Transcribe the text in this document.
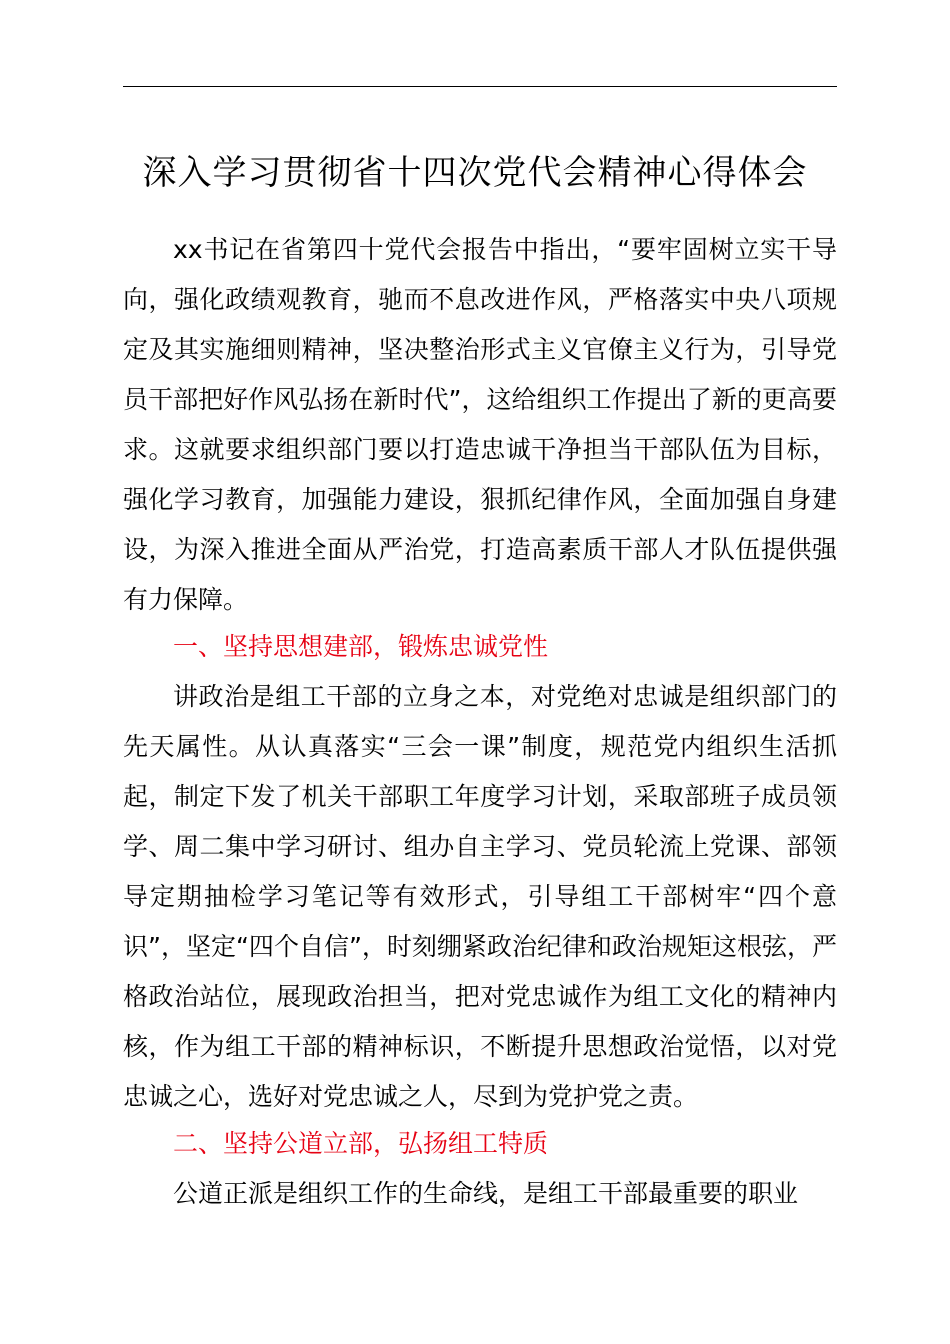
深入学习贯彻省十四次党代会精神心得体会

xx书记在省第四十党代会报告中指出，“要牢固树立实干导向，强化政绩观教育，驰而不息改进作风，严格落实中央八项规定及其实施细则精神，坚决整治形式主义官僚主义行为，引导党员干部把好作风弘扬在新时代”，这给组织工作提出了新的更高要求。这就要求组织部门要以打造忠诚干净担当干部队伍为目标，强化学习教育，加强能力建设，狠抓纪律作风，全面加强自身建设，为深入推进全面从严治党，打造高素质干部人才队伍提供强有力保障。

一、坚持思想建部，锻炼忠诚党性

讲政治是组工干部的立身之本，对党绝对忠诚是组织部门的先天属性。从认真落实“三会一课”制度，规范党内组织生活抓起，制定下发了机关干部职工年度学习计划，采取部班子成员领学、周二集中学习研讨、组办自主学习、党员轮流上党课、部领导定期抽检学习笔记等有效形式，引导组工干部树牢“四个意识”，坚定“四个自信”，时刻绷紧政治纪律和政治规矩这根弦，严格政治站位，展现政治担当，把对党忠诚作为组工文化的精神内核，作为组工干部的精神标识，不断提升思想政治觉悟，以对党忠诚之心，选好对党忠诚之人，尽到为党护党之责。

二、坚持公道立部，弘扬组工特质

公道正派是组织工作的生命线，是组工干部最重要的职业
